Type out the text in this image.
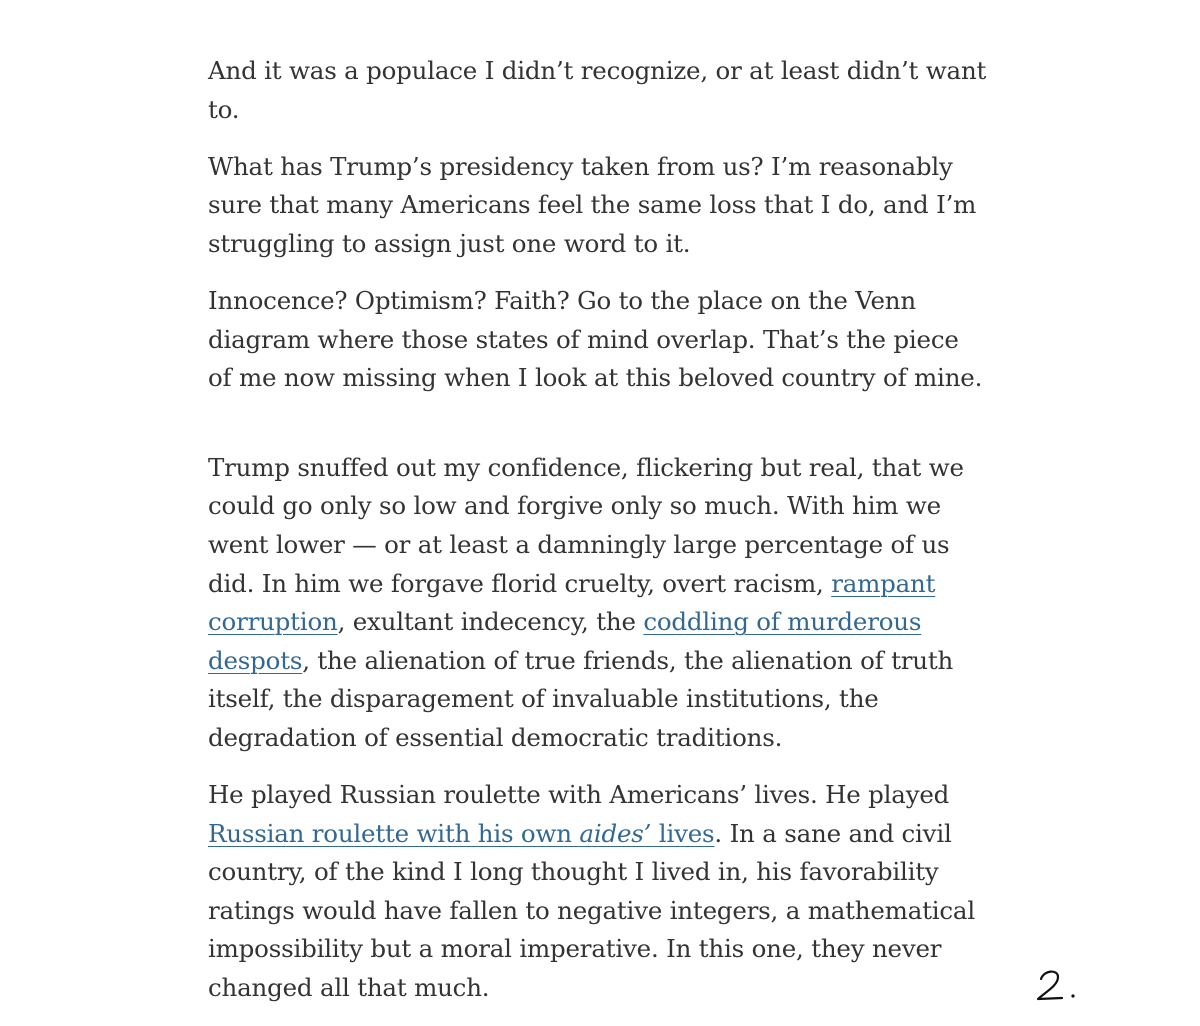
And it was a populace I didn’t recognize, or at least didn’t want to.

What has Trump’s presidency taken from us? I’m reasonably sure that many Americans feel the same loss that I do, and I’m struggling to assign just one word to it.

Innocence? Optimism? Faith? Go to the place on the Venn diagram where those states of mind overlap. That’s the piece of me now missing when I look at this beloved country of mine.

Trump snuffed out my confidence, flickering but real, that we could go only so low and forgive only so much. With him we went lower — or at least a damningly large percentage of us did. In him we forgave florid cruelty, overt racism, rampant corruption, exultant indecency, the coddling of murderous despots, the alienation of true friends, the alienation of truth itself, the disparagement of invaluable institutions, the degradation of essential democratic traditions.

He played Russian roulette with Americans’ lives. He played Russian roulette with his own aides’ lives. In a sane and civil country, of the kind I long thought I lived in, his favorability ratings would have fallen to negative integers, a mathematical impossibility but a moral imperative. In this one, they never changed all that much.
